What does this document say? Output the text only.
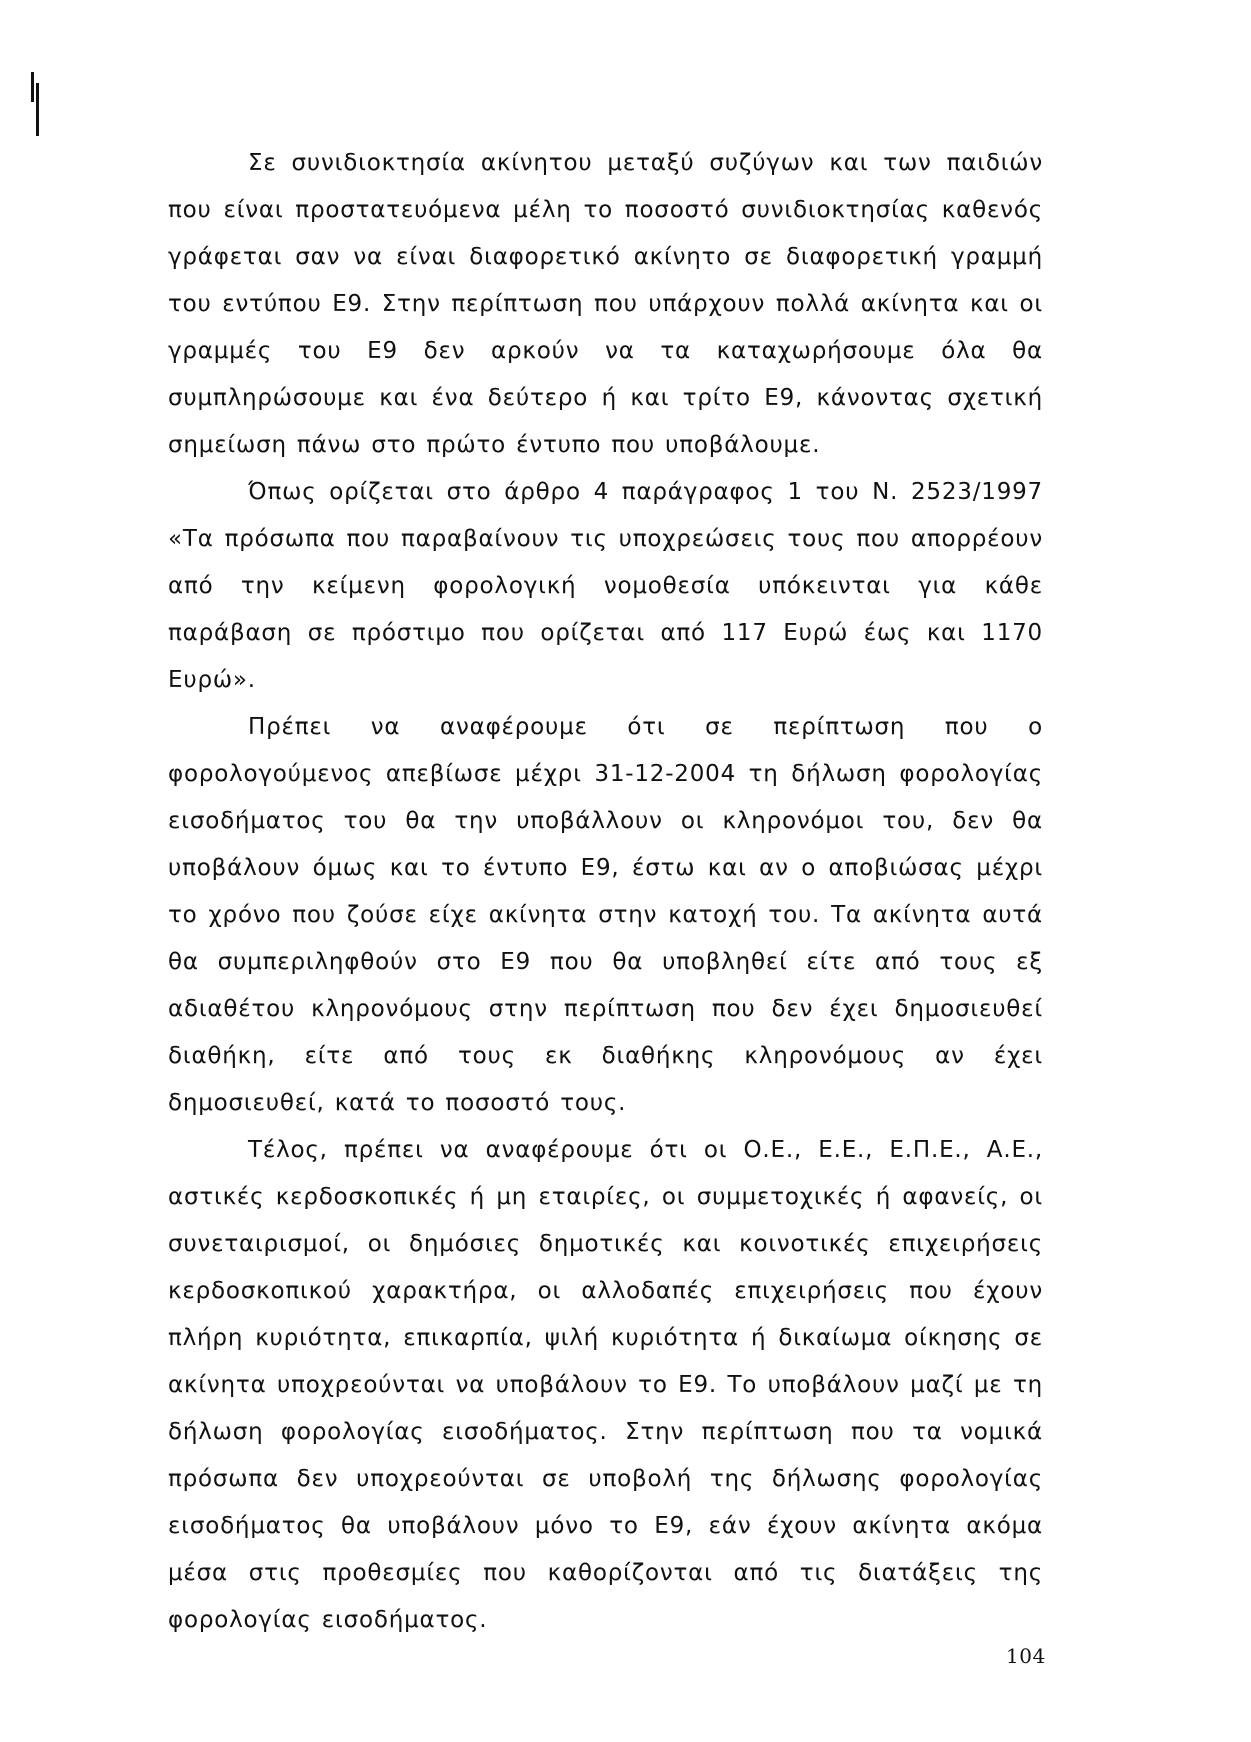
Σε συνιδιοκτησία ακίνητου μεταξύ συζύγων και των παιδιών που είναι προστατευόμενα μέλη το ποσοστό συνιδιοκτησίας καθενός γράφεται σαν να είναι διαφορετικό ακίνητο σε διαφορετική γραμμή του εντύπου Ε9. Στην περίπτωση που υπάρχουν πολλά ακίνητα και οι γραμμές του Ε9 δεν αρκούν να τα καταχωρήσουμε όλα θα συμπληρώσουμε και ένα δεύτερο ή και τρίτο Ε9, κάνοντας σχετική σημείωση πάνω στο πρώτο έντυπο που υποβάλουμε.

Όπως ορίζεται στο άρθρο 4 παράγραφος 1 του Ν. 2523/1997 «Τα πρόσωπα που παραβαίνουν τις υποχρεώσεις τους που απορρέουν από την κείμενη φορολογική νομοθεσία υπόκεινται για κάθε παράβαση σε πρόστιμο που ορίζεται από 117 Ευρώ έως και 1170 Ευρώ».

Πρέπει να αναφέρουμε ότι σε περίπτωση που ο φορολογούμενος απεβίωσε μέχρι 31-12-2004 τη δήλωση φορολογίας εισοδήματος του θα την υποβάλλουν οι κληρονόμοι του, δεν θα υποβάλουν όμως και το έντυπο Ε9, έστω και αν ο αποβιώσας μέχρι το χρόνο που ζούσε είχε ακίνητα στην κατοχή του. Τα ακίνητα αυτά θα συμπεριληφθούν στο Ε9 που θα υποβληθεί είτε από τους εξ αδιαθέτου κληρονόμους στην περίπτωση που δεν έχει δημοσιευθεί διαθήκη, είτε από τους εκ διαθήκης κληρονόμους αν έχει δημοσιευθεί, κατά το ποσοστό τους.

Τέλος, πρέπει να αναφέρουμε ότι οι Ο.Ε., Ε.Ε., Ε.Π.Ε., Α.Ε., αστικές κερδοσκοπικές ή μη εταιρίες, οι συμμετοχικές ή αφανείς, οι συνεταιρισμοί, οι δημόσιες δημοτικές και κοινοτικές επιχειρήσεις κερδοσκοπικού χαρακτήρα, οι αλλοδαπές επιχειρήσεις που έχουν πλήρη κυριότητα, επικαρπία, ψιλή κυριότητα ή δικαίωμα οίκησης σε ακίνητα υποχρεούνται να υποβάλουν το Ε9. Το υποβάλουν μαζί με τη δήλωση φορολογίας εισοδήματος. Στην περίπτωση που τα νομικά πρόσωπα δεν υποχρεούνται σε υποβολή της δήλωσης φορολογίας εισοδήματος θα υποβάλουν μόνο το Ε9, εάν έχουν ακίνητα ακόμα μέσα στις προθεσμίες που καθορίζονται από τις διατάξεις της φορολογίας εισοδήματος.

104
